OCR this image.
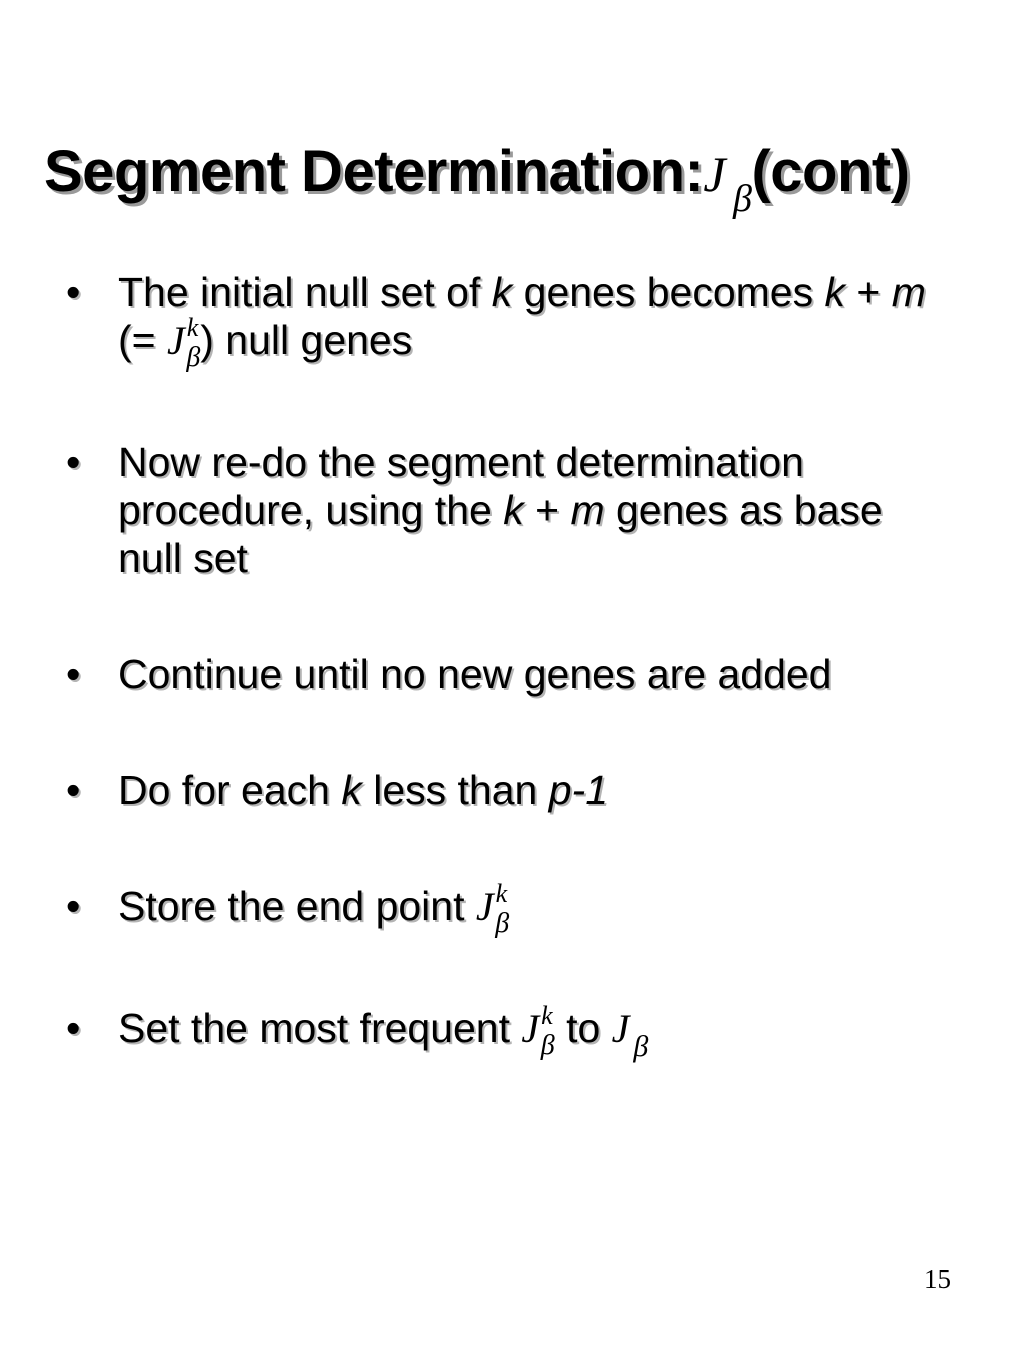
Segment Determination:J $_\beta$(cont)
• The initial null set of k genes becomes k + m (= $J^k_\beta$) null genes
• Now re-do the segment determination procedure, using the k + m genes as base null set
• Continue until no new genes are added
• Do for each k less than p-1
• Store the end point $J^k_\beta$
• Set the most frequent $J^k_\beta$ to J $_\beta$
15
